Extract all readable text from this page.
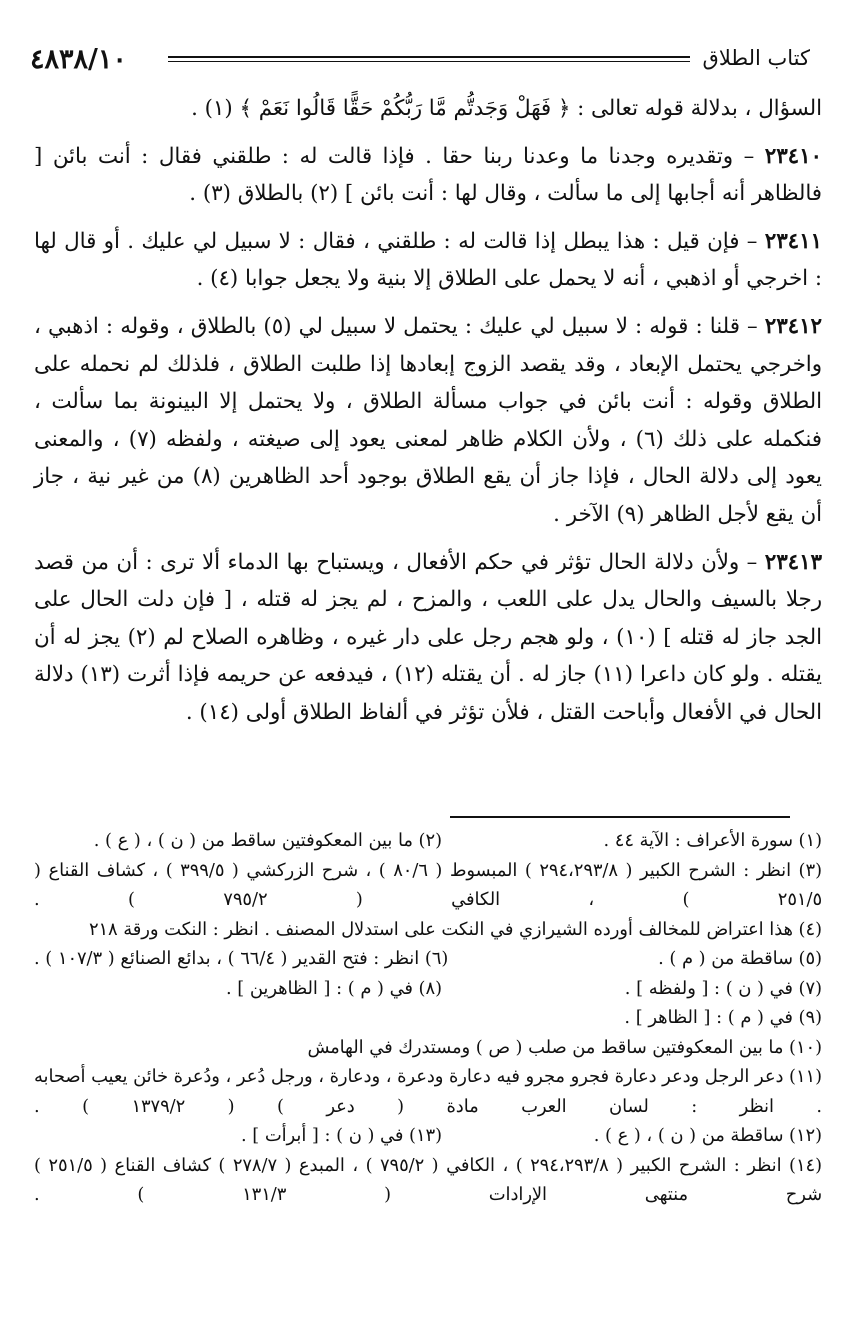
٤٨٣٨/١٠	كتاب الطلاق

السؤال ، بدلالة قوله تعالى : ﴿ فَهَلْ وَجَدتُّم مَّا رَبُّكُمْ حَقًّا قَالُوا نَعَمْ ﴾ (١) .

٢٣٤١٠ – وتقديره وجدنا ما وعدنا ربنا حقا . فإذا قالت له : طلقني فقال : أنت بائن [ فالظاهر أنه أجابها إلى ما سألت ، وقال لها : أنت بائن ] (٢) بالطلاق (٣) .

٢٣٤١١ – فإن قيل : هذا يبطل إذا قالت له : طلقني ، فقال : لا سبيل لي عليك . أو قال لها : اخرجي أو اذهبي ، أنه لا يحمل على الطلاق إلا بنية ولا يجعل جوابا (٤) .

٢٣٤١٢ – قلنا : قوله : لا سبيل لي عليك : يحتمل لا سبيل لي (٥) بالطلاق ، وقوله : اذهبي ، واخرجي يحتمل الإبعاد ، وقد يقصد الزوج إبعادها إذا طلبت الطلاق ، فلذلك لم نحمله على الطلاق وقوله : أنت بائن في جواب مسألة الطلاق ، ولا يحتمل إلا البينونة بما سألت ، فنكمله على ذلك (٦) ، ولأن الكلام ظاهر لمعنى يعود إلى صيغته ، ولفظه (٧) ، والمعنى يعود إلى دلالة الحال ، فإذا جاز أن يقع الطلاق بوجود أحد الظاهرين (٨) من غير نية ، جاز أن يقع لأجل الظاهر (٩) الآخر .

٢٣٤١٣ – ولأن دلالة الحال تؤثر في حكم الأفعال ، ويستباح بها الدماء ألا ترى : أن من قصد رجلا بالسيف والحال يدل على اللعب ، والمزح ، لم يجز له قتله ، [ فإن دلت الحال على الجد جاز له قتله ] (١٠) ، ولو هجم رجل على دار غيره ، وظاهره الصلاح لم (٢) يجز له أن يقتله . ولو كان داعرا (١١) جاز له . أن يقتله (١٢) ، فيدفعه عن حريمه فإذا أثرت (١٣) دلالة الحال في الأفعال وأباحت القتل ، فلأن تؤثر في ألفاظ الطلاق أولى (١٤) .

(١) سورة الأعراف : الآية ٤٤ .
(٢) ما بين المعكوفتين ساقط من ( ن ) ، ( ع ) .
(٣) انظر : الشرح الكبير ( ٢٩٤،٢٩٣/٨ ) المبسوط ( ٨٠/٦ ) ، شرح الزركشي ( ٣٩٩/٥ ) ، كشاف القناع ( ٢٥١/٥ ) ، الكافي ( ٧٩٥/٢ ) .
(٤) هذا اعتراض للمخالف أورده الشيرازي في النكت على استدلال المصنف . انظر : النكت ورقة ٢١٨
(٥) ساقطة من ( م ) .
(٦) انظر : فتح القدير ( ٦٦/٤ ) ، بدائع الصنائع ( ١٠٧/٣ ) .
(٧) في ( ن ) : [ ولفظه ] .
(٨) في ( م ) : [ الظاهرين ] .
(٩) في ( م ) : [ الظاهر ] .
(١٠) ما بين المعكوفتين ساقط من صلب ( ص ) ومستدرك في الهامش
(١١) دعر الرجل ودعر دعارة فجرو مجرو فيه دعارة ودعرة ، ودعارة ، ورجل دُعر ، ودُعرة خائن يعيب أصحابه . انظر : لسان العرب مادة ( دعر ) ( ١٣٧٩/٢ ) .
(١٢) ساقطة من ( ن ) ، ( ع ) .
(١٣) في ( ن ) : [ أبرأت ] .
(١٤) انظر : الشرح الكبير ( ٢٩٤،٢٩٣/٨ ) ، الكافي ( ٧٩٥/٢ ) ، المبدع ( ٢٧٨/٧ ) كشاف القناع ( ٢٥١/٥ ) شرح منتهى الإرادات ( ١٣١/٣ ) .
